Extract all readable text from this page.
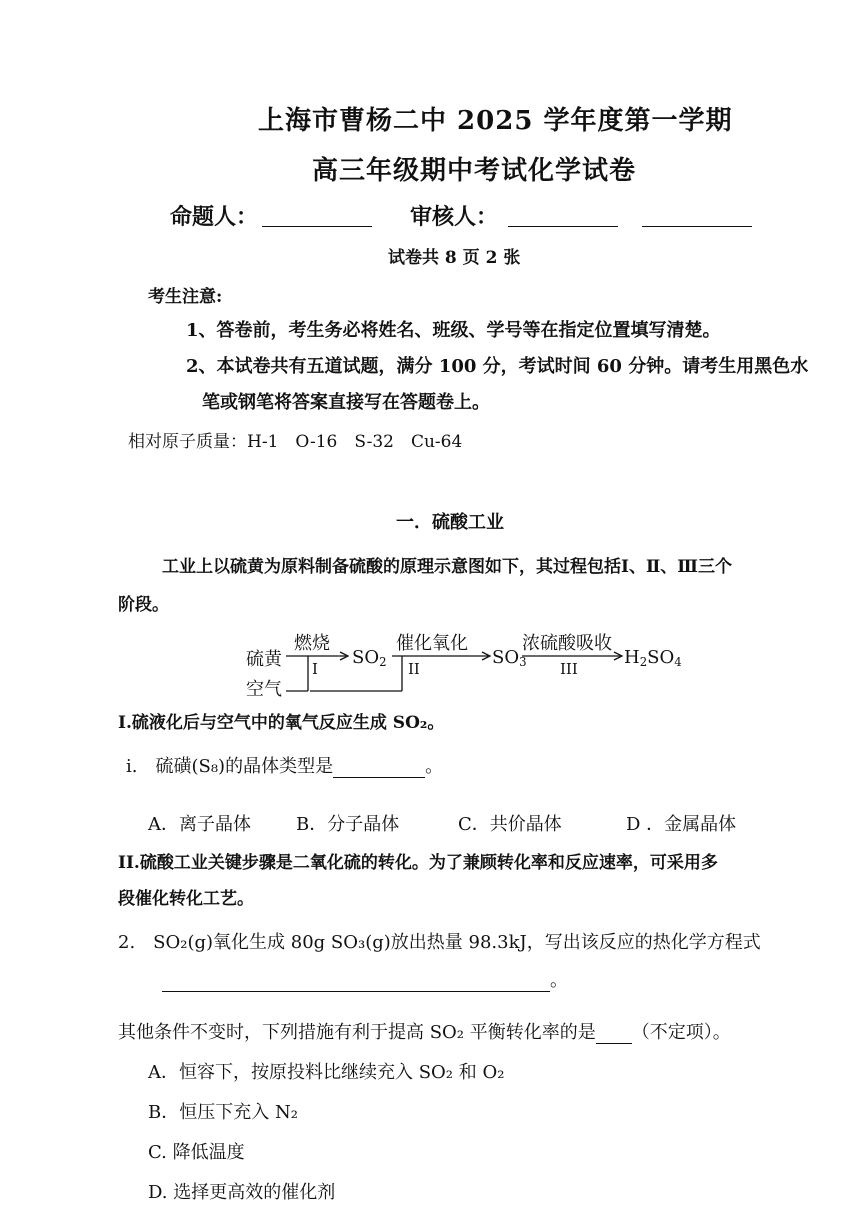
上海市曹杨二中 2025 学年度第一学期
高三年级期中考试化学试卷
命题人：	审核人：
试卷共 8 页 2 张
考生注意:
1、答卷前，考生务必将姓名、班级、学号等在指定位置填写清楚。
2、本试卷共有五道试题，满分 100 分，考试时间 60 分钟。请考生用黑色水
笔或钢笔将答案直接写在答题卷上。
相对原子质量：H-1　O-16　S-32　Cu-64
一．硫酸工业
工业上以硫黄为原料制备硫酸的原理示意图如下，其过程包括Ⅰ、Ⅱ、Ⅲ三个
阶段。
硫黄
空气
燃烧
I
$SO_2$
催化氧化
II
$SO_3$
浓硫酸吸收
III
$H_2SO_4$
I.硫液化后与空气中的氧气反应生成 SO₂。
i.　硫磺(S₈)的晶体类型是	。
A．离子晶体	B．分子晶体	C．共价晶体	D ．金属晶体
II.硫酸工业关键步骤是二氧化硫的转化。为了兼顾转化率和反应速率，可采用多
段催化转化工艺。
2.　SO₂(g)氧化生成 80g SO₃(g)放出热量 98.3kJ，写出该反应的热化学方程式
。
其他条件不变时，下列措施有利于提高 SO₂ 平衡转化率的是 （不定项）。
A．恒容下，按原投料比继续充入 SO₂ 和 O₂
B．恒压下充入 N₂
C. 降低温度
D. 选择更高效的催化剂
